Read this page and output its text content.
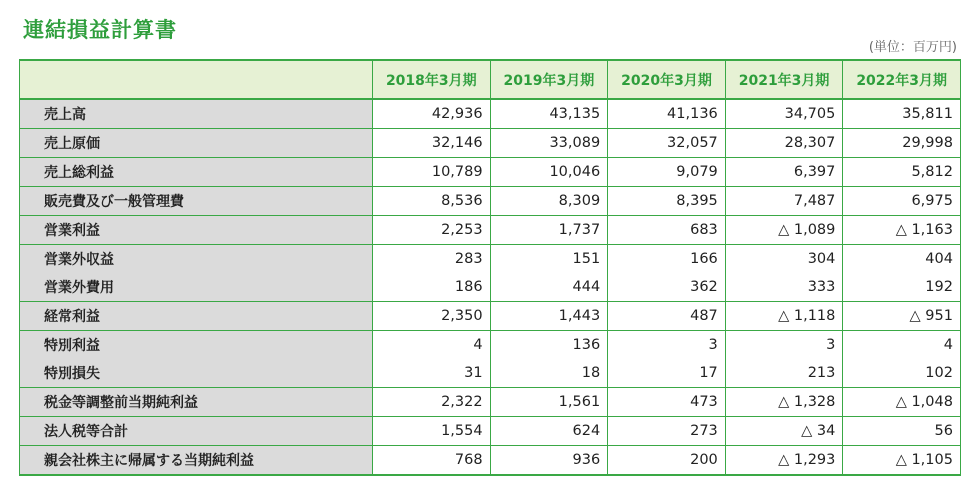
連結損益計算書
(単位：百万円)
	2018年3月期	2019年3月期	2020年3月期	2021年3月期	2022年3月期
売上高	42,936	43,135	41,136	34,705	35,811
売上原価	32,146	33,089	32,057	28,307	29,998
売上総利益	10,789	10,046	9,079	6,397	5,812
販売費及び一般管理費	8,536	8,309	8,395	7,487	6,975
営業利益	2,253	1,737	683	△ 1,089	△ 1,163
営業外収益	283	151	166	304	404
営業外費用	186	444	362	333	192
経常利益	2,350	1,443	487	△ 1,118	△ 951
特別利益	4	136	3	3	4
特別損失	31	18	17	213	102
税金等調整前当期純利益	2,322	1,561	473	△ 1,328	△ 1,048
法人税等合計	1,554	624	273	△ 34	56
親会社株主に帰属する当期純利益	768	936	200	△ 1,293	△ 1,105
